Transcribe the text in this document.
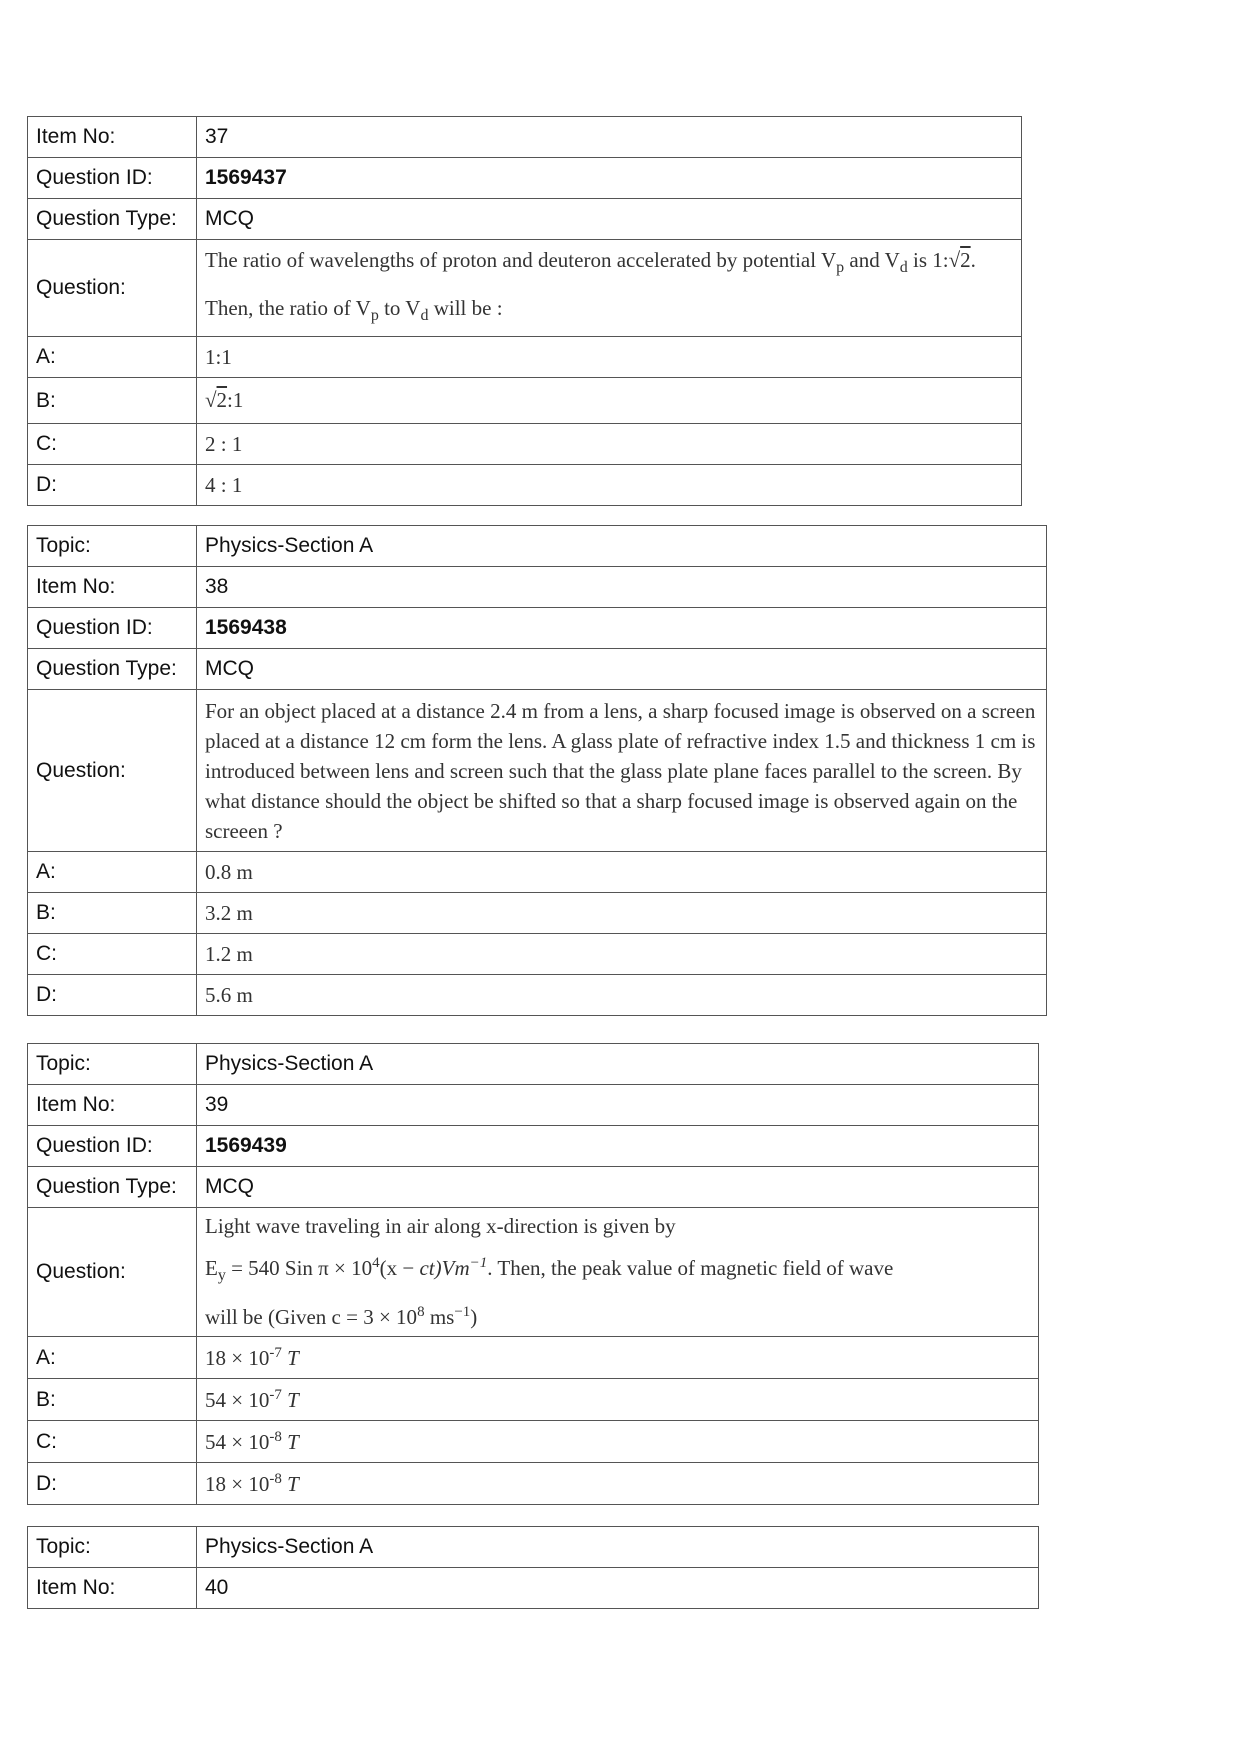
Item No:	37
Question ID:	1569437
Question Type:	MCQ
Question:	The ratio of wavelengths of proton and deuteron accelerated by potential $V_p$ and $V_d$ is 1:√2. Then, the ratio of $V_p$ to $V_d$ will be :
A:	1:1
B:	√2:1
C:	2 : 1
D:	4 : 1
Topic:	Physics-Section A
Item No:	38
Question ID:	1569438
Question Type:	MCQ
Question:	For an object placed at a distance 2.4 m from a lens, a sharp focused image is observed on a screen placed at a distance 12 cm form the lens. A glass plate of refractive index 1.5 and thickness 1 cm is introduced between lens and screen such that the glass plate plane faces parallel to the screen. By what distance should the object be shifted so that a sharp focused image is observed again on the screeen ?
A:	0.8 m
B:	3.2 m
C:	1.2 m
D:	5.6 m
Topic:	Physics-Section A
Item No:	39
Question ID:	1569439
Question Type:	MCQ
Question:	Light wave traveling in air along x-direction is given by
$E_y = 540$ Sin $\pi \times 10^4(x - ct)Vm^{-1}$. Then, the peak value of magnetic field of wave
will be (Given $c = 3 \times 10^8$ $ms^{-1}$)

A:	$18 \times 10^{-7}$ T
B:	$54 \times 10^{-7}$ T
C:	$54 \times 10^{-8}$ T
D:	$18 \times 10^{-8}$ T
Topic:	Physics-Section A
Item No:	40
